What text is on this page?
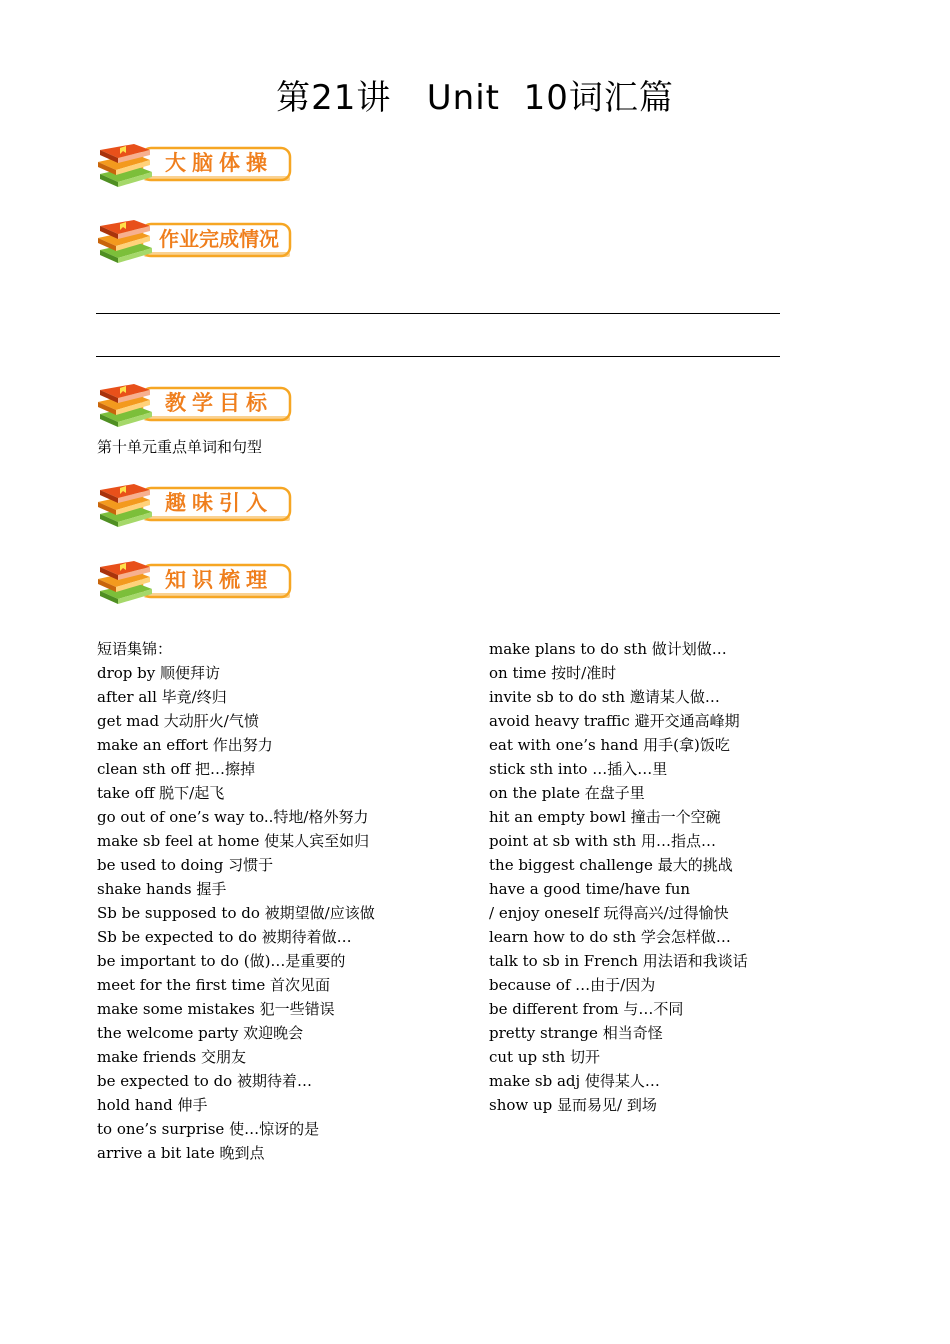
第21讲   Unit  10词汇篇
大脑体操
作业完成情况
教学目标
第十单元重点单词和句型
趣味引入
知识梳理
短语集锦：
drop by 顺便拜访
after all 毕竟/终归
get mad 大动肝火/气愤
make an effort 作出努力
clean sth off 把…擦掉
take off 脱下/起飞
go out of one’s way to..特地/格外努力
make sb feel at home 使某人宾至如归
be used to doing 习惯于
shake hands 握手
Sb be supposed to do 被期望做/应该做
Sb be expected to do 被期待着做…
be important to do (做)…是重要的
meet for the first time 首次见面
make some mistakes 犯一些错误
the welcome party 欢迎晚会
make friends 交朋友
be expected to do 被期待着…
hold hand 伸手
to one’s surprise 使…惊讶的是
arrive a bit late 晚到点
make plans to do sth 做计划做…
on time 按时/准时
invite sb to do sth 邀请某人做…
avoid heavy traffic 避开交通高峰期
eat with one’s hand 用手(拿)饭吃
stick sth into …插入…里
on the plate 在盘子里
hit an empty bowl 撞击一个空碗
point at sb with sth 用…指点…
the biggest challenge 最大的挑战
have a good time/have fun
/ enjoy oneself 玩得高兴/过得愉快
learn how to do sth 学会怎样做…
talk to sb in French 用法语和我谈话
because of …由于/因为
be different from 与…不同
pretty strange 相当奇怪
cut up sth 切开
make sb adj 使得某人…
show up 显而易见/ 到场
